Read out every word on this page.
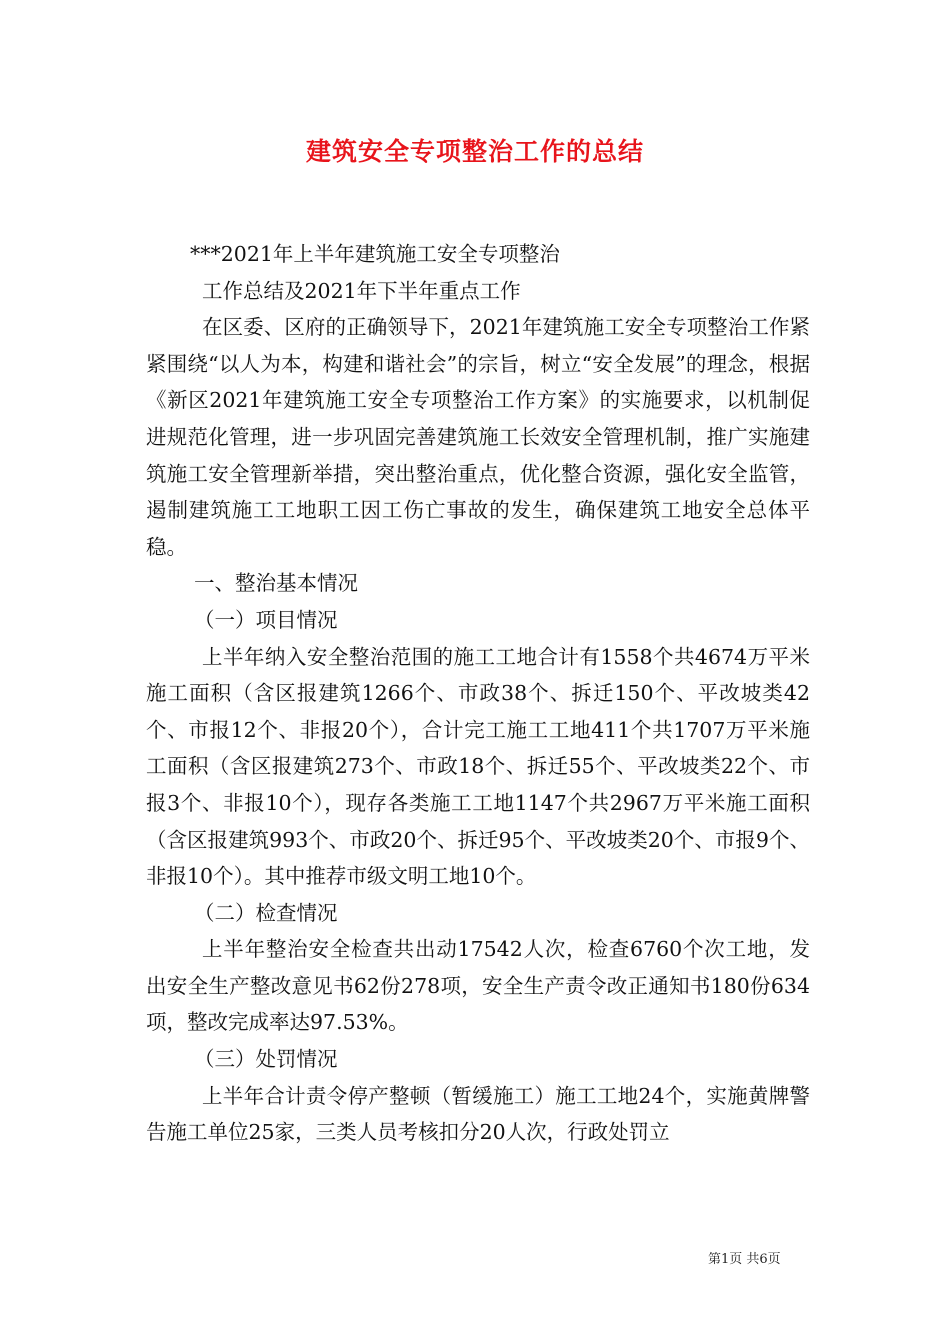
建筑安全专项整治工作的总结

***2021年上半年建筑施工安全专项整治

工作总结及2021年下半年重点工作

在区委、区府的正确领导下，2021年建筑施工安全专项整治工作紧紧围绕“以人为本，构建和谐社会”的宗旨，树立“安全发展”的理念，根据《新区2021年建筑施工安全专项整治工作方案》的实施要求，以机制促进规范化管理，进一步巩固完善建筑施工长效安全管理机制，推广实施建筑施工安全管理新举措，突出整治重点，优化整合资源，强化安全监管，遏制建筑施工工地职工因工伤亡事故的发生，确保建筑工地安全总体平稳。

一、整治基本情况

（一）项目情况

上半年纳入安全整治范围的施工工地合计有1558个共4674万平米施工面积（含区报建筑1266个、市政38个、拆迁150个、平改坡类42个、市报12个、非报20个），合计完工施工工地411个共1707万平米施工面积（含区报建筑273个、市政18个、拆迁55个、平改坡类22个、市报3个、非报10个），现存各类施工工地1147个共2967万平米施工面积（含区报建筑993个、市政20个、拆迁95个、平改坡类20个、市报9个、非报10个）。其中推荐市级文明工地10个。

（二）检查情况

上半年整治安全检查共出动17542人次，检查6760个次工地，发出安全生产整改意见书62份278项，安全生产责令改正通知书180份634项，整改完成率达97.53%。

（三）处罚情况

上半年合计责令停产整顿（暂缓施工）施工工地24个，实施黄牌警告施工单位25家，三类人员考核扣分20人次，行政处罚立

第1页 共6页
